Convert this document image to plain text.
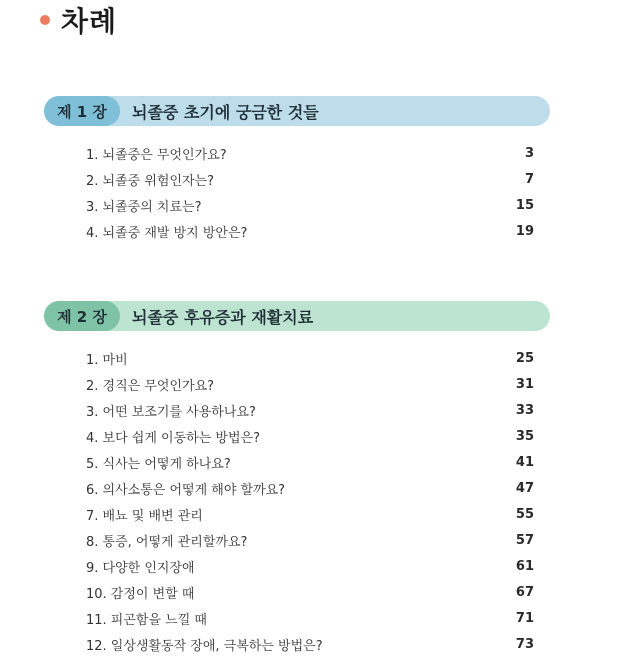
차례
제 1 장	뇌졸중 초기에 궁금한 것들
1. 뇌졸중은 무엇인가요?	3
2. 뇌졸중 위험인자는?	7
3. 뇌졸중의 치료는?	15
4. 뇌졸중 재발 방지 방안은?	19
제 2 장	뇌졸중 후유증과 재활치료
1. 마비	25
2. 경직은 무엇인가요?	31
3. 어떤 보조기를 사용하나요?	33
4. 보다 쉽게 이동하는 방법은?	35
5. 식사는 어떻게 하나요?	41
6. 의사소통은 어떻게 해야 할까요?	47
7. 배뇨 및 배변 관리	55
8. 통증, 어떻게 관리할까요?	57
9. 다양한 인지장애	61
10. 감정이 변할 때	67
11. 피곤함을 느낄 때	71
12. 일상생활동작 장애, 극복하는 방법은?	73
